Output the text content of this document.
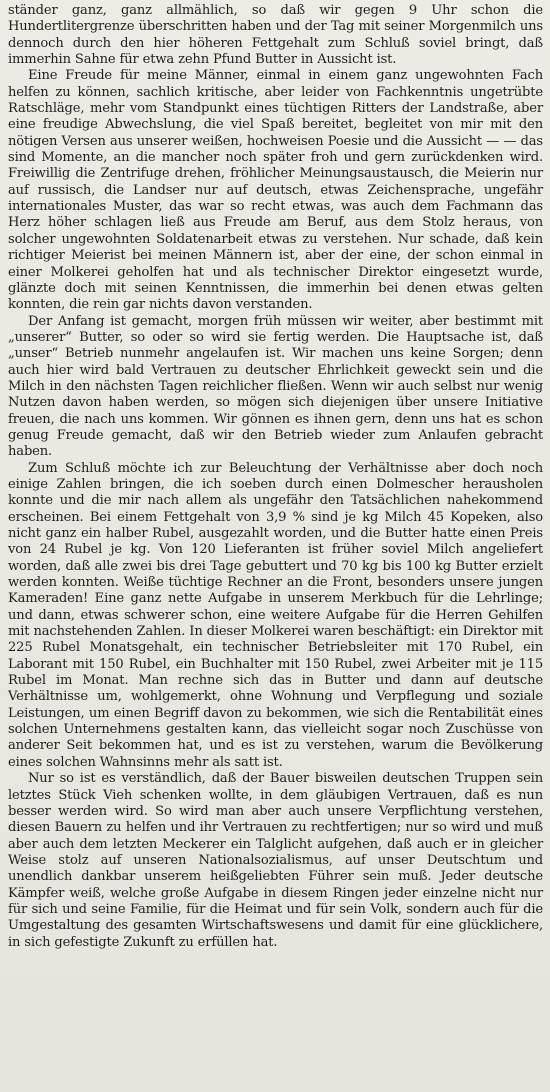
ständer ganz, ganz allmählich, so daß wir gegen 9 Uhr schon die Hundertlitergrenze überschritten haben und der Tag mit seiner Morgenmilch uns dennoch durch den hier höheren Fettgehalt zum Schluß soviel bringt, daß immerhin Sahne für etwa zehn Pfund Butter in Aussicht ist.

Eine Freude für meine Männer, einmal in einem ganz ungewohnten Fach helfen zu können, sachlich kritische, aber leider von Fachkenntnis ungetrübte Ratschläge, mehr vom Standpunkt eines tüchtigen Ritters der Landstraße, aber eine freudige Abwechslung, die viel Spaß bereitet, begleitet von mir mit den nötigen Versen aus unserer weißen, hochweisen Poesie und die Aussicht — — das sind Momente, an die mancher noch später froh und gern zurückdenken wird. Freiwillig die Zentrifuge drehen, fröhlicher Meinungsaustausch, die Meierin nur auf russisch, die Landser nur auf deutsch, etwas Zeichensprache, ungefähr internationales Muster, das war so recht etwas, was auch dem Fachmann das Herz höher schlagen ließ aus Freude am Beruf, aus dem Stolz heraus, von solcher ungewohnten Soldatenarbeit etwas zu verstehen. Nur schade, daß kein richtiger Meierist bei meinen Männern ist, aber der eine, der schon einmal in einer Molkerei geholfen hat und als technischer Direktor eingesetzt wurde, glänzte doch mit seinen Kenntnissen, die immerhin bei denen etwas gelten konnten, die rein gar nichts davon verstanden.

Der Anfang ist gemacht, morgen früh müssen wir weiter, aber bestimmt mit „unserer“ Butter, so oder so wird sie fertig werden. Die Hauptsache ist, daß „unser“ Betrieb nunmehr angelaufen ist. Wir machen uns keine Sorgen; denn auch hier wird bald Vertrauen zu deutscher Ehrlichkeit geweckt sein und die Milch in den nächsten Tagen reichlicher fließen. Wenn wir auch selbst nur wenig Nutzen davon haben werden, so mögen sich diejenigen über unsere Initiative freuen, die nach uns kommen. Wir gönnen es ihnen gern, denn uns hat es schon genug Freude gemacht, daß wir den Betrieb wieder zum Anlaufen gebracht haben.

Zum Schluß möchte ich zur Beleuchtung der Verhältnisse aber doch noch einige Zahlen bringen, die ich soeben durch einen Dolmescher herausholen konnte und die mir nach allem als ungefähr den Tatsächlichen nahekommend erscheinen. Bei einem Fettgehalt von 3,9 % sind je kg Milch 45 Kopeken, also nicht ganz ein halber Rubel, ausgezahlt worden, und die Butter hatte einen Preis von 24 Rubel je kg. Von 120 Lieferanten ist früher soviel Milch angeliefert worden, daß alle zwei bis drei Tage gebuttert und 70 kg bis 100 kg Butter erzielt werden konnten. Weiße tüchtige Rechner an die Front, besonders unsere jungen Kameraden! Eine ganz nette Aufgabe in unserem Merkbuch für die Lehrlinge; und dann, etwas schwerer schon, eine weitere Aufgabe für die Herren Gehilfen mit nachstehenden Zahlen. In dieser Molkerei waren beschäftigt: ein Direktor mit 225 Rubel Monatsgehalt, ein technischer Betriebsleiter mit 170 Rubel, ein Laborant mit 150 Rubel, ein Buchhalter mit 150 Rubel, zwei Arbeiter mit je 115 Rubel im Monat. Man rechne sich das in Butter und dann auf deutsche Verhältnisse um, wohlgemerkt, ohne Wohnung und Verpflegung und soziale Leistungen, um einen Begriff davon zu bekommen, wie sich die Rentabilität eines solchen Unternehmens gestalten kann, das vielleicht sogar noch Zuschüsse von anderer Seit bekommen hat, und es ist zu verstehen, warum die Bevölkerung eines solchen Wahnsinns mehr als satt ist.

Nur so ist es verständlich, daß der Bauer bisweilen deutschen Truppen sein letztes Stück Vieh schenken wollte, in dem gläubigen Vertrauen, daß es nun besser werden wird. So wird man aber auch unsere Verpflichtung verstehen, diesen Bauern zu helfen und ihr Vertrauen zu rechtfertigen; nur so wird und muß aber auch dem letzten Meckerer ein Talglicht aufgehen, daß auch er in gleicher Weise stolz auf unseren Nationalsozialismus, auf unser Deutschtum und unendlich dankbar unserem heißgeliebten Führer sein muß. Jeder deutsche Kämpfer weiß, welche große Aufgabe in diesem Ringen jeder einzelne nicht nur für sich und seine Familie, für die Heimat und für sein Volk, sondern auch für die Umgestaltung des gesamten Wirtschaftswesens und damit für eine glücklichere, in sich gefestigte Zukunft zu erfüllen hat.
